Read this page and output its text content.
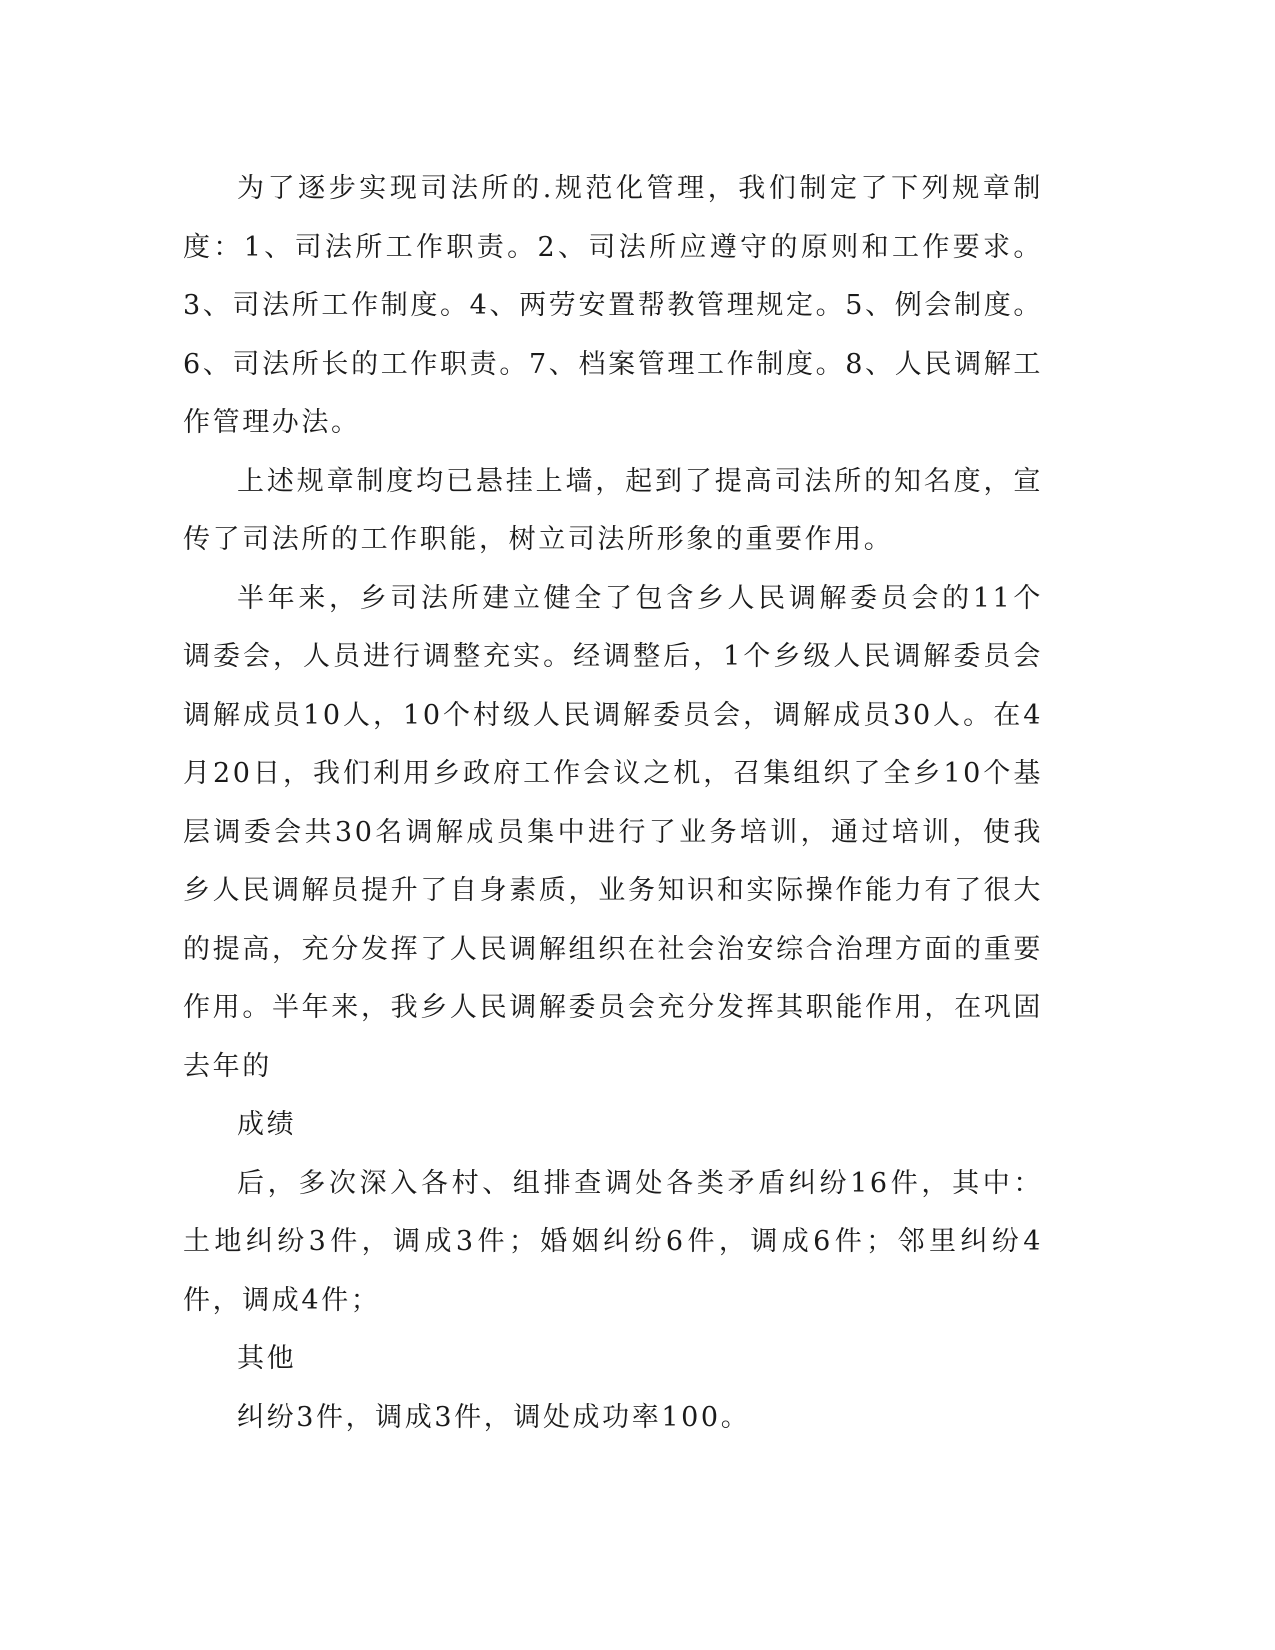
为了逐步实现司法所的.规范化管理，我们制定了下列规章制度：1、司法所工作职责。2、司法所应遵守的原则和工作要求。3、司法所工作制度。4、两劳安置帮教管理规定。5、例会制度。6、司法所长的工作职责。7、档案管理工作制度。8、人民调解工作管理办法。

上述规章制度均已悬挂上墙，起到了提高司法所的知名度，宣传了司法所的工作职能，树立司法所形象的重要作用。

半年来，乡司法所建立健全了包含乡人民调解委员会的11个调委会，人员进行调整充实。经调整后，1个乡级人民调解委员会调解成员10人，10个村级人民调解委员会，调解成员30人。在4月20日，我们利用乡政府工作会议之机，召集组织了全乡10个基层调委会共30名调解成员集中进行了业务培训，通过培训，使我乡人民调解员提升了自身素质，业务知识和实际操作能力有了很大的提高，充分发挥了人民调解组织在社会治安综合治理方面的重要作用。半年来，我乡人民调解委员会充分发挥其职能作用，在巩固去年的

成绩

后，多次深入各村、组排查调处各类矛盾纠纷16件，其中：土地纠纷3件，调成3件；婚姻纠纷6件，调成6件；邻里纠纷4件，调成4件；

其他

纠纷3件，调成3件，调处成功率100。
